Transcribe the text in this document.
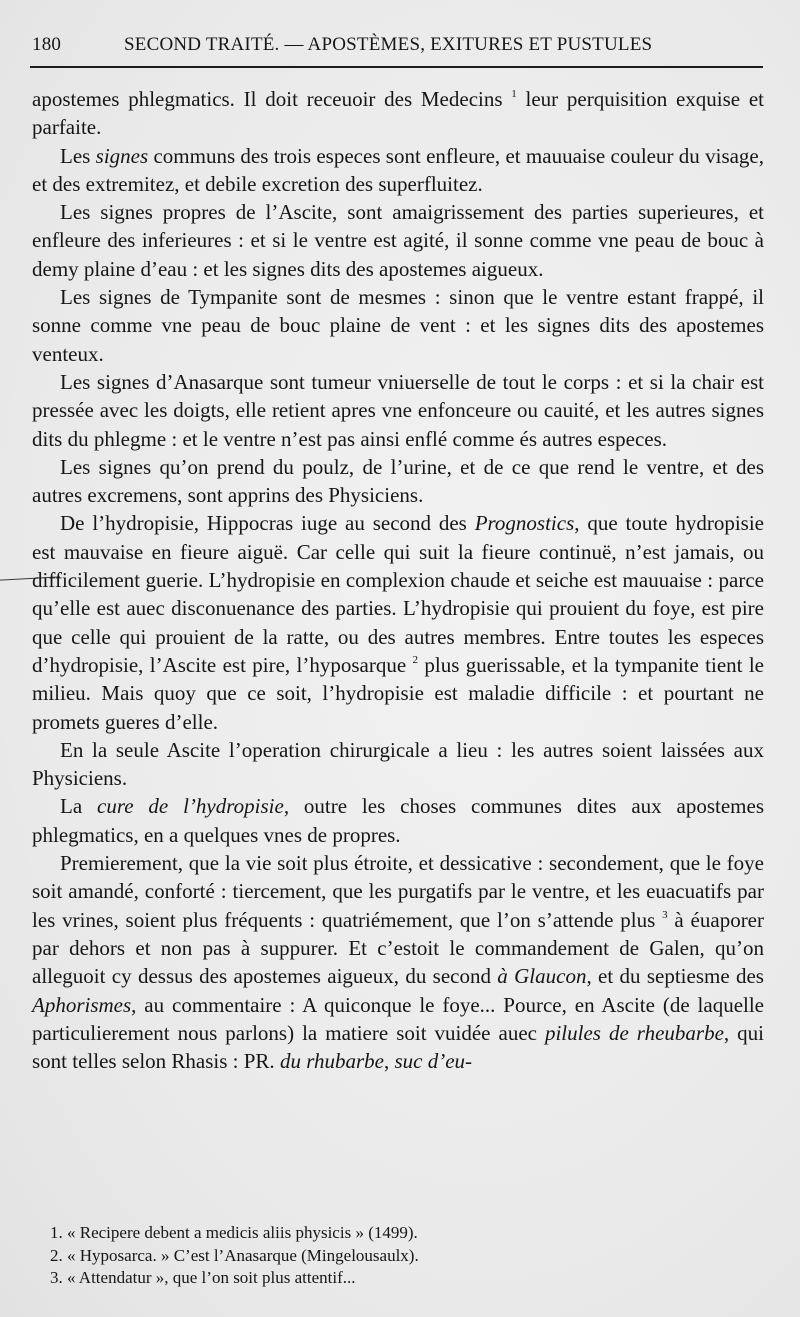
180	SECOND TRAITÉ. — APOSTÈMES, EXITURES ET PUSTULES

apostemes phlegmatics. Il doit receuoir des Medecins $^1$ leur perquisition exquise et parfaite.

Les signes communs des trois especes sont enfleure, et mauuaise couleur du visage, et des extremitez, et debile excretion des superfluitez.

Les signes propres de l’Ascite, sont amaigrissement des parties superieures, et enfleure des inferieures : et si le ventre est agité, il sonne comme vne peau de bouc à demy plaine d’eau : et les signes dits des apostemes aigueux.

Les signes de Tympanite sont de mesmes : sinon que le ventre estant frappé, il sonne comme vne peau de bouc plaine de vent : et les signes dits des apostemes venteux.

Les signes d’Anasarque sont tumeur vniuerselle de tout le corps : et si la chair est pressée avec les doigts, elle retient apres vne enfonceure ou cauité, et les autres signes dits du phlegme : et le ventre n’est pas ainsi enflé comme és autres especes.

Les signes qu’on prend du poulz, de l’urine, et de ce que rend le ventre, et des autres excremens, sont apprins des Physiciens.

De l’hydropisie, Hippocras iuge au second des Prognostics, que toute hydropisie est mauvaise en fieure aiguë. Car celle qui suit la fieure continuë, n’est jamais, ou difficilement guerie. L’hydropisie en complexion chaude et seiche est mauuaise : parce qu’elle est auec disconuenance des parties. L’hydropisie qui prouient du foye, est pire que celle qui prouient de la ratte, ou des autres membres. Entre toutes les especes d’hydropisie, l’Ascite est pire, l’hyposarque $^2$ plus guerissable, et la tympanite tient le milieu. Mais quoy que ce soit, l’hydropisie est maladie difficile : et pourtant ne promets gueres d’elle.

En la seule Ascite l’operation chirurgicale a lieu : les autres soient laissées aux Physiciens.

La cure de l’hydropisie, outre les choses communes dites aux apostemes phlegmatics, en a quelques vnes de propres.

Premierement, que la vie soit plus étroite, et dessicative : secondement, que le foye soit amandé, conforté : tiercement, que les purgatifs par le ventre, et les euacuatifs par les vrines, soient plus fréquents : quatriémement, que l’on s’attende plus $^3$ à éuaporer par dehors et non pas à suppurer. Et c’estoit le commandement de Galen, qu’on alleguoit cy dessus des apostemes aigueux, du second à Glaucon, et du septiesme des Aphorismes, au commentaire : A quiconque le foye... Pource, en Ascite (de laquelle particulierement nous parlons) la matiere soit vuidée auec pilules de rheubarbe, qui sont telles selon Rhasis : PR. du rhubarbe, suc d’eu-

1. « Recipere debent a medicis aliis physicis » (1499).
2. « Hyposarca. » C’est l’Anasarque (Mingelousaulx).
3. « Attendatur », que l’on soit plus attentif...
